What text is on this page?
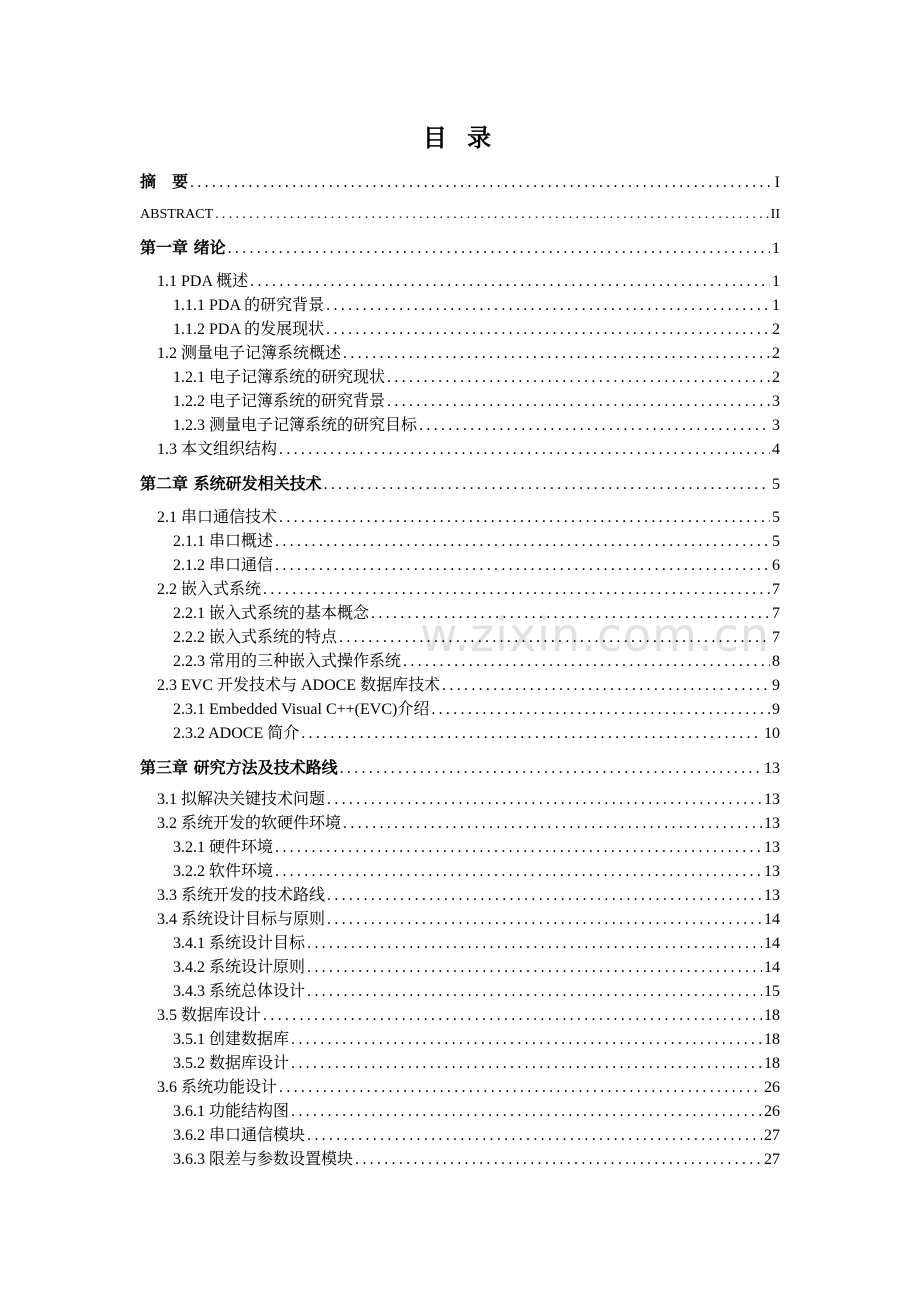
目 录
w.zixin.com.cn
摘　要 .....	I
ABSTRACT .....	II
第一章 绪论 .....	1
1.1 PDA 概述 .....	1
1.1.1 PDA 的研究背景 .....	1
1.1.2 PDA 的发展现状 .....	2
1.2 测量电子记簿系统概述 .....	2
1.2.1 电子记簿系统的研究现状 .....	2
1.2.2 电子记簿系统的研究背景 .....	3
1.2.3 测量电子记簿系统的研究目标 .....	3
1.3 本文组织结构 .....	4
第二章 系统研发相关技术 .....	5
2.1 串口通信技术 .....	5
2.1.1 串口概述 .....	5
2.1.2 串口通信 .....	6
2.2 嵌入式系统 .....	7
2.2.1 嵌入式系统的基本概念 .....	7
2.2.2 嵌入式系统的特点 .....	7
2.2.3 常用的三种嵌入式操作系统 .....	8
2.3 EVC 开发技术与 ADOCE 数据库技术 .....	9
2.3.1 Embedded Visual C++(EVC)介绍 .....	9
2.3.2 ADOCE 简介 .....	10
第三章 研究方法及技术路线 .....	13
3.1 拟解决关键技术问题 .....	13
3.2 系统开发的软硬件环境 .....	13
3.2.1 硬件环境 .....	13
3.2.2 软件环境 .....	13
3.3 系统开发的技术路线 .....	13
3.4 系统设计目标与原则 .....	14
3.4.1 系统设计目标 .....	14
3.4.2 系统设计原则 .....	14
3.4.3 系统总体设计 .....	15
3.5 数据库设计 .....	18
3.5.1 创建数据库 .....	18
3.5.2 数据库设计 .....	18
3.6 系统功能设计 .....	26
3.6.1 功能结构图 .....	26
3.6.2 串口通信模块 .....	27
3.6.3 限差与参数设置模块 .....	27
